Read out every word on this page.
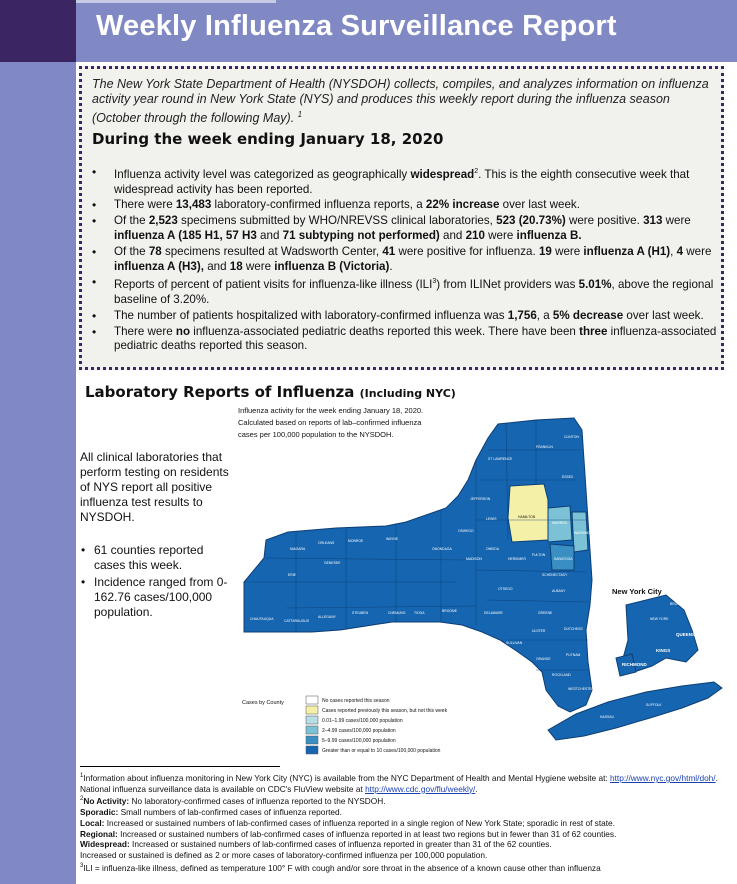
Weekly Influenza Surveillance Report

The New York State Department of Health (NYSDOH) collects, compiles, and analyzes information on influenza activity year round in New York State (NYS) and produces this weekly report during the influenza season (October through the following May). $^1$

During the week ending January 18, 2020
• Influenza activity level was categorized as geographically widespread$^2$. This is the eighth consecutive week that widespread activity has been reported.
• There were 13,483 laboratory-confirmed influenza reports, a 22% increase over last week.
• Of the 2,523 specimens submitted by WHO/NREVSS clinical laboratories, 523 (20.73%) were positive. 313 were influenza A (185 H1, 57 H3 and 71 subtyping not performed) and 210 were influenza B.
• Of the 78 specimens resulted at Wadsworth Center, 41 were positive for influenza. 19 were influenza A (H1), 4 were influenza A (H3), and 18 were influenza B (Victoria).
• Reports of percent of patient visits for influenza-like illness (ILI$^3$) from ILINet providers was 5.01%, above the regional baseline of 3.20%.
• The number of patients hospitalized with laboratory-confirmed influenza was 1,756, a 5% decrease over last week.
• There were no influenza-associated pediatric deaths reported this week. There have been three influenza-associated pediatric deaths reported this season.
Laboratory Reports of Influenza (Including NYC)

All clinical laboratories that perform testing on residents of NYS report all positive influenza test results to NYSDOH.

• 61 counties reported cases this week.
• Incidence ranged from 0-162.76 cases/100,000 population.
ST LAWRENCE
FRANKLIN
CLINTON
ESSEX
JEFFERSON
LEWIS	HAMILTON
WARREN
HERKIMER
OSWEGO
ONEIDA
FULTON
SARATOGA
WASHINGTON
NIAGARA
ORLEANS	MONROE	WAYNE
ERIE
GENESEE
ONONDAGA
MADISON
OTSEGO	ALBANY
SCHENECTADY
CHAUTAUQUA	CATTARAUGUS
ALLEGANY
STEUBEN	CHEMUNG TIOGA	BROOME	DELAWARE	GREENE
SULLIVAN
ULSTER	DUTCHESS
ORANGE
PUTNAM
ROCKLAND
WESTCHESTER
SUFFOLK
NASSAU
BRONX
NEW YORK
QUEENS
KINGS
RICHMOND
New York City
Cases by County	No cases reported this season
Cases reported previously this season, but not this week
0.01–1.99 cases/100,000 population
2–4.99 cases/100,000 population
5–9.99 cases/100,000 population
Greater than or equal to 10 cases/100,000 population
Influenza activity for the week ending January 18, 2020.
Calculated based on reports of lab–confirmed influenza
cases per 100,000 population to the NYSDOH.
$^1$Information about influenza monitoring in New York City (NYC) is available from the NYC Department of Health and Mental Hygiene website at: http://www.nyc.gov/html/doh/. National influenza surveillance data is available on CDC's FluView website at http://www.cdc.gov/flu/weekly/.
$^2$No Activity: No laboratory-confirmed cases of influenza reported to the NYSDOH.
Sporadic: Small numbers of lab-confirmed cases of influenza reported.
Local: Increased or sustained numbers of lab-confirmed cases of influenza reported in a single region of New York State; sporadic in rest of state.
Regional: Increased or sustained numbers of lab-confirmed cases of influenza reported in at least two regions but in fewer than 31 of 62 counties.
Widespread: Increased or sustained numbers of lab-confirmed cases of influenza reported in greater than 31 of the 62 counties.
Increased or sustained is defined as 2 or more cases of laboratory-confirmed influenza per 100,000 population.
$^3$ILI = influenza-like illness, defined as temperature 100° F with cough and/or sore throat in the absence of a known cause other than influenza
